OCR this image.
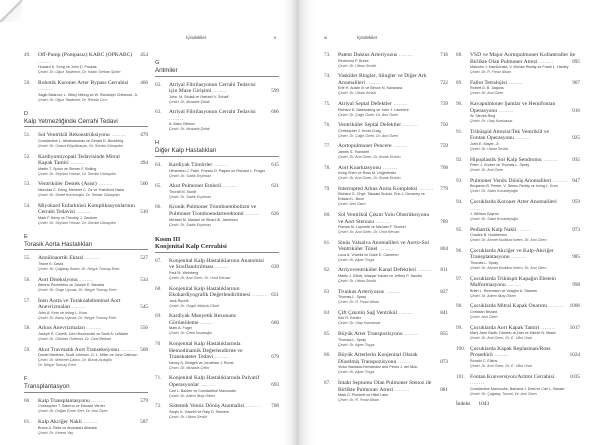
İçindekiler	v
49.	Off-Pump (Pompasız) KABC (OPKABC) 454
........
Howard K. Song ve John D. Puskas
Çeviri: Dr. Oğuz Taşdemir, Dr. Hakkı Serkan Şahin
50.	Robotik Koroner Arter Bypass Cerrahisi 466
........
Sagib Masroor, L. Wiley Nifong ve W. Randolph Chitwood, Jr.
Çeviri: Dr. Oğuz Taşdemir, Dr. Renda Cırcı
D
Kalp Yetmezliğinde Cerrahi Tedavi
51.	Sol Ventrikül Rekonstrüksiyonu	479
........
Constantine L. Athanasuleas ve Gerald D. Buckberg
Çeviri: Dr. Onase Büyükkaçak, Dr. Serdar Günaydın
52.	Kardiyomiyopati Tedavisinde Mitral
Kapak Tamiri	494
........
Martin T. Spoor ve Steven F. Bolling
Çeviri: Dr. Seyhan Yılmaz, Dr. Serdar Günaydın
53.	Ventriküler Destek (Asist)	500
........
Nicholas C. Dang, Mehmet C. Oz ve Yoshifumi Naka
Çeviri: Dr. Sedef Kürümoğlu, Dr. Serdar Günaydın
54.	Miyokard Enfarktüsü Komplikasyonlarının
Cerrahi Tedavisi	510
........
Mark F. Berry ve Timothy J. Gardner
Çeviri: Dr. Seyhan Yılmaz, Dr. Serdar Günaydın
E
Torasik Aorta Hastalıkları
55.	Annüloaortik Ektazi	527
........
Tirone E. David
Çeviri: Dr. Çağatay Bazer, Dr. Neşyir Tuncay Eren
56.	Aort Diseksiyonu	534
........
Alberto Pochettino ve Joseph E. Bavaria
Çeviri: Dr. Özge Uymaz, Dr. Neşyir Tuncay Eren
57.	İnen Aorta ve Torakoabdominal Aort
Anevrizmaları	545
........
John A. Kern ve Irving L. Kron
Çeviri: Dr. Barış Uymaz, Dr. Neşyir Tuncay Eren
58.	Arkus Anevrizmaları	556
........
Joseph S. Coselli, John Bozinovski ve Scott A. LeMaire
Çeviri: Dr. Gökhan Özdemir, Dr. Ozal Berkan
59.	Akut Travmatik Aort Transeksiyonu	568
........
Daniel Martinez, Scott Johnson, D. L. Miller ve John Calhoon
Çeviri: Dr. Mehmet Çakıcı, Dr. Burak Açıkgöz,
Dr. Neşyir Tuncay Eren
F
Transplantasyon
60.	Kalp Transplantasyonu	579
........
Christopher T. Salerno ve Edward Verrier
Çeviri: Dr. Doğan Emre Sert, Dr. Anıl Özen
61.	Kalp Akciğer Nakli	587
........
Bruce A. Reitz ve Abdulaziz Alkhaldi
Çeviri: Dr. Kerem Yay
G
Aritmiler
62.	Atriyal Fibrilasyonun Cerrahi Tedavisi
için Maze Girişimi	599
........
John. M. Stulak ve Hartzell V. Schaff
Çeviri: Dr. Mustafa Şirlak
63.	Atriyal Fibrilasyonun Cerrahi Tedavisi	606
........
A. Marc Gillinov
Çeviri: Dr. Mustafa Şirlak
H
Diğer Kalp Hastalıkları
64.	Kardiyak Tümörler	615
........
Himanshu J. Patel, Francis D. Pagani ve Richard L. Prager
Çeviri: Dr. Sadık Eryılmaz
65.	Akut Pulmoner Emboli	621
........
Thoralf M. Sundt
Çeviri: Dr. Sadık Eryılmaz
66.	Kronik Pulmoner Tromboembolizm ve
Pulmoner Tromboendarterektomi	626
........
Michael M. Madani ve Stuart W. Jamieson
Çeviri: Dr. Sadık Eryılmaz
Kısım III
Konjenital Kalp Cerrahisi
67.	Konjenital Kalp Hastalıklarının Anatomisi
ve Sınıflandırılması	639
........
Paul M. Weinberg
Çeviri: Dr. Anıl Özen, Dr. Ümit Kervan
68.	Konjenital Kalp Hastalıklarının
Ekokardiyografik Değerlendirilmesi	651
........
Jack Rychik
Çeviri: Dr. Özgür Malçok Gürel
69.	Kardiyak Manyetik Rezonans
Görüntüleme	660
........
Mark A. Fogel
Çeviri: Dr. Çetin İnsanoğlu
70	Konjenital Kalp Hastalıklarında
Hemodinamik Değerlendirme ve
Transkateter Tedavi	679
........
Nancy D. Bridges ve Jonathan J. Rome
Çeviri: Dr. Mustafa Çetin
71.	Konjenital Kalp Hastalıklarında Palyatif
Operasyonlar	693
........
Carl L. Backer ve Constantine Mavroudis
Çeviri: Dr. Adem İlkay Diken
72.	Sistemik Venöz Dönüş Anomalisi	708
........
Sanjiv K. Gandhi ve Ralp D. Siewers
Çeviri: Dr. Utkan Sevük
vi	İçindekiler
73.	Patent Duktus Arteriyozus	716
........
Redmond P. Burke
Çeviri: Dr. Utkan Sevük
74.	Vasküler Ringler, Slingler ve Diğer Ark
Anomalileri	722
........
Erle H. Austin III ve Bimon N. Kavarana
Çeviri: Dr. Utkan Sevük
75.	Atriyal Septal Defektler	739
........
Richard D. Mainwaring ve John J. Lamberti
Çeviri: Dr. Çağrı Özen, Dr. Anıl Özen
76.	Ventriküler Septal Defektler	750
........
Christopher J. Knott-Craig
Çeviri: Dr. Çağrı Özen, Dr. Anıl Özen
77.	Aortopulmoner Pencere	759
........
James S. Tweddell
Çeviri: Dr. Anıl Özen, Dr. Burak Erdolu
78.	Aort Koarktasyonu	768
........
Irving Shen ve Ross M. Ungerleider
Çeviri: Dr. Anıl Özen, Dr. Burak Erdolu
79.	Interrupted Arkus Aorta Kompleksi	779
........
Richard G. Ohye, Takaaki Suzuki, Eric J. Devaney ve
Edward L. Bove
Çeviri: Anıl Özen
80.	Sol Ventrikül Çıkım Yolu Obstrüksiyonu
ve Aort Stenozu	789
........
Flavian M. Lupinetti ve Michael F. Teodori
Çeviri: Dr. Anıl Özen, Dr. Ümit Kervan
81.	Sinüs Valsalva Anomalileri ve Aorto-Sol
Ventriküler Tünel	804
........
Luca A. Vricella ve Duke E. Cameron
Çeviri: Dr. Alper Toşya
82.	Atriyoventriküler Kanal Defektleri	811
........
Martin J. Elliott, Wazyar Karani ve Jeffrey P. Jacobs
Çeviri: Dr. Utkan Sevük
83	Trunkus Arteriyozus	827
........
Thomas L. Spray
Çeviri: Dr. R. Pınar Alkan
84	Çift Çıkımlı Sağ Ventrikül	841
........
Kirk R. Kanter
Çeviri: Dr. Ulaş Kumbasar
85.	Büyük Arter Transpozisyonu	855
........
Thomas L. Spray
Çeviri: Dr. Alper Toşya
86.	Büyük Arterlerin Konjenital Olarak
Düzelmiş Transpozisyonu	873
........
Victor Bautista-Hernandez and Pedro J. del Nido
Çeviri: Dr. Alper Toşya
87.	İntakt Septumu Olan Pulmoner Stenoz ile
Birlikte Pulmoner Atrezi	881
........
Mark D. Plunkett ve Hillel Laks
Çeviri: Dr. R. Pınar Alkan
88.	VSD ve Major Aortopulmoner Kollateraller ile
Birlikte Olan Pulmoner Atrezi	895
........
Malcolm J. MacDonald, V. Mohan Reddy ve Frank L. Hanley
Çeviri: Dr. R. Pınar Alkan
89.	Fallot Tetralojisi	907
........
Robert D. B. Jaquiss
Çeviri: Dr. Anıl Özen
90.	Kavapulmoner Şantlar ve Hemifontan
Operasyonu	916
........
W. Steves Ring
Çeviri: Dr. Ulaş Kumbasar
91.	Triküspid Atrezisi/Tek Ventrikül ve
Fontan Operasyonu	925
........
John E. Mayer, Jr.
Çeviri: Dr. Utkan Sevük
92.	Hipoplastik Sol Kalp Sendromu	935
........
Peter J. Gruber ve Thomas L. Spray
Çeviri: Dr. Anıl Özen
93.	Pulmoner Venöz Dönüş Anomalileri	947
........
Benjamin B. Peeler, V. Seenu Reddy ve Irving L. Kron
Çeviri: Dr. Sabri Kocabeyoğlu
94.	Çocuklarda Koroner Arter Anomalileri	959
........
J. William Gaynor
Çeviri: Dr. Sabri Kocabeyoğlu
95.	Pediatrik Kalp Nakli	973
........
Charles B. Huddleston
Çeviri: Dr. Ahmet Kuddusi İrdem, Dr. Anıl Özen
96.	Çocuklarda Akciğer ve Kalp-Akciğer
Transplantasyonu	985
........
Thomas L. Spray
Çeviri: Dr. Ahmet Kuddusi İrdem, Dr. Anıl Özen
97.	Çocuklarda Triküspit Kapağın Ebstein
Malformasyonu	998
........
Brian L. Reemtsen ve Vaughn A. Starnes
Çeviri: Dr. Adem İlkay Diken
98.	Çocuklarda Mitral Kapak Onarımı	1006
........
Christian Brizard
Çeviri: Anıl Özen
99.	Çocuklarda Aort Kapak Tamiri	1017
........
Mary Jane Barth, Dianelo di Zain ve Michel N. Ilbawi
Çeviri: Dr. Anıl Özen, Dr. E. Ulku Ünal
100. Çocuklarda Kapak Replasman/Ross
Prosedürü	1024
........
Ronald C. Elkins
Çeviri: Dr. Anıl Özen, Dr. E. Ulku Ünal
101. Fontan Konversiyon/Aritmi Cerrahisi	1035
........
Constantine Mavroudis, Barbara J. Deal ve Carl L. Backer
Çeviri: Dr. Çağatay Tunsel, Dr. Anıl Özen
İndeks 1043
